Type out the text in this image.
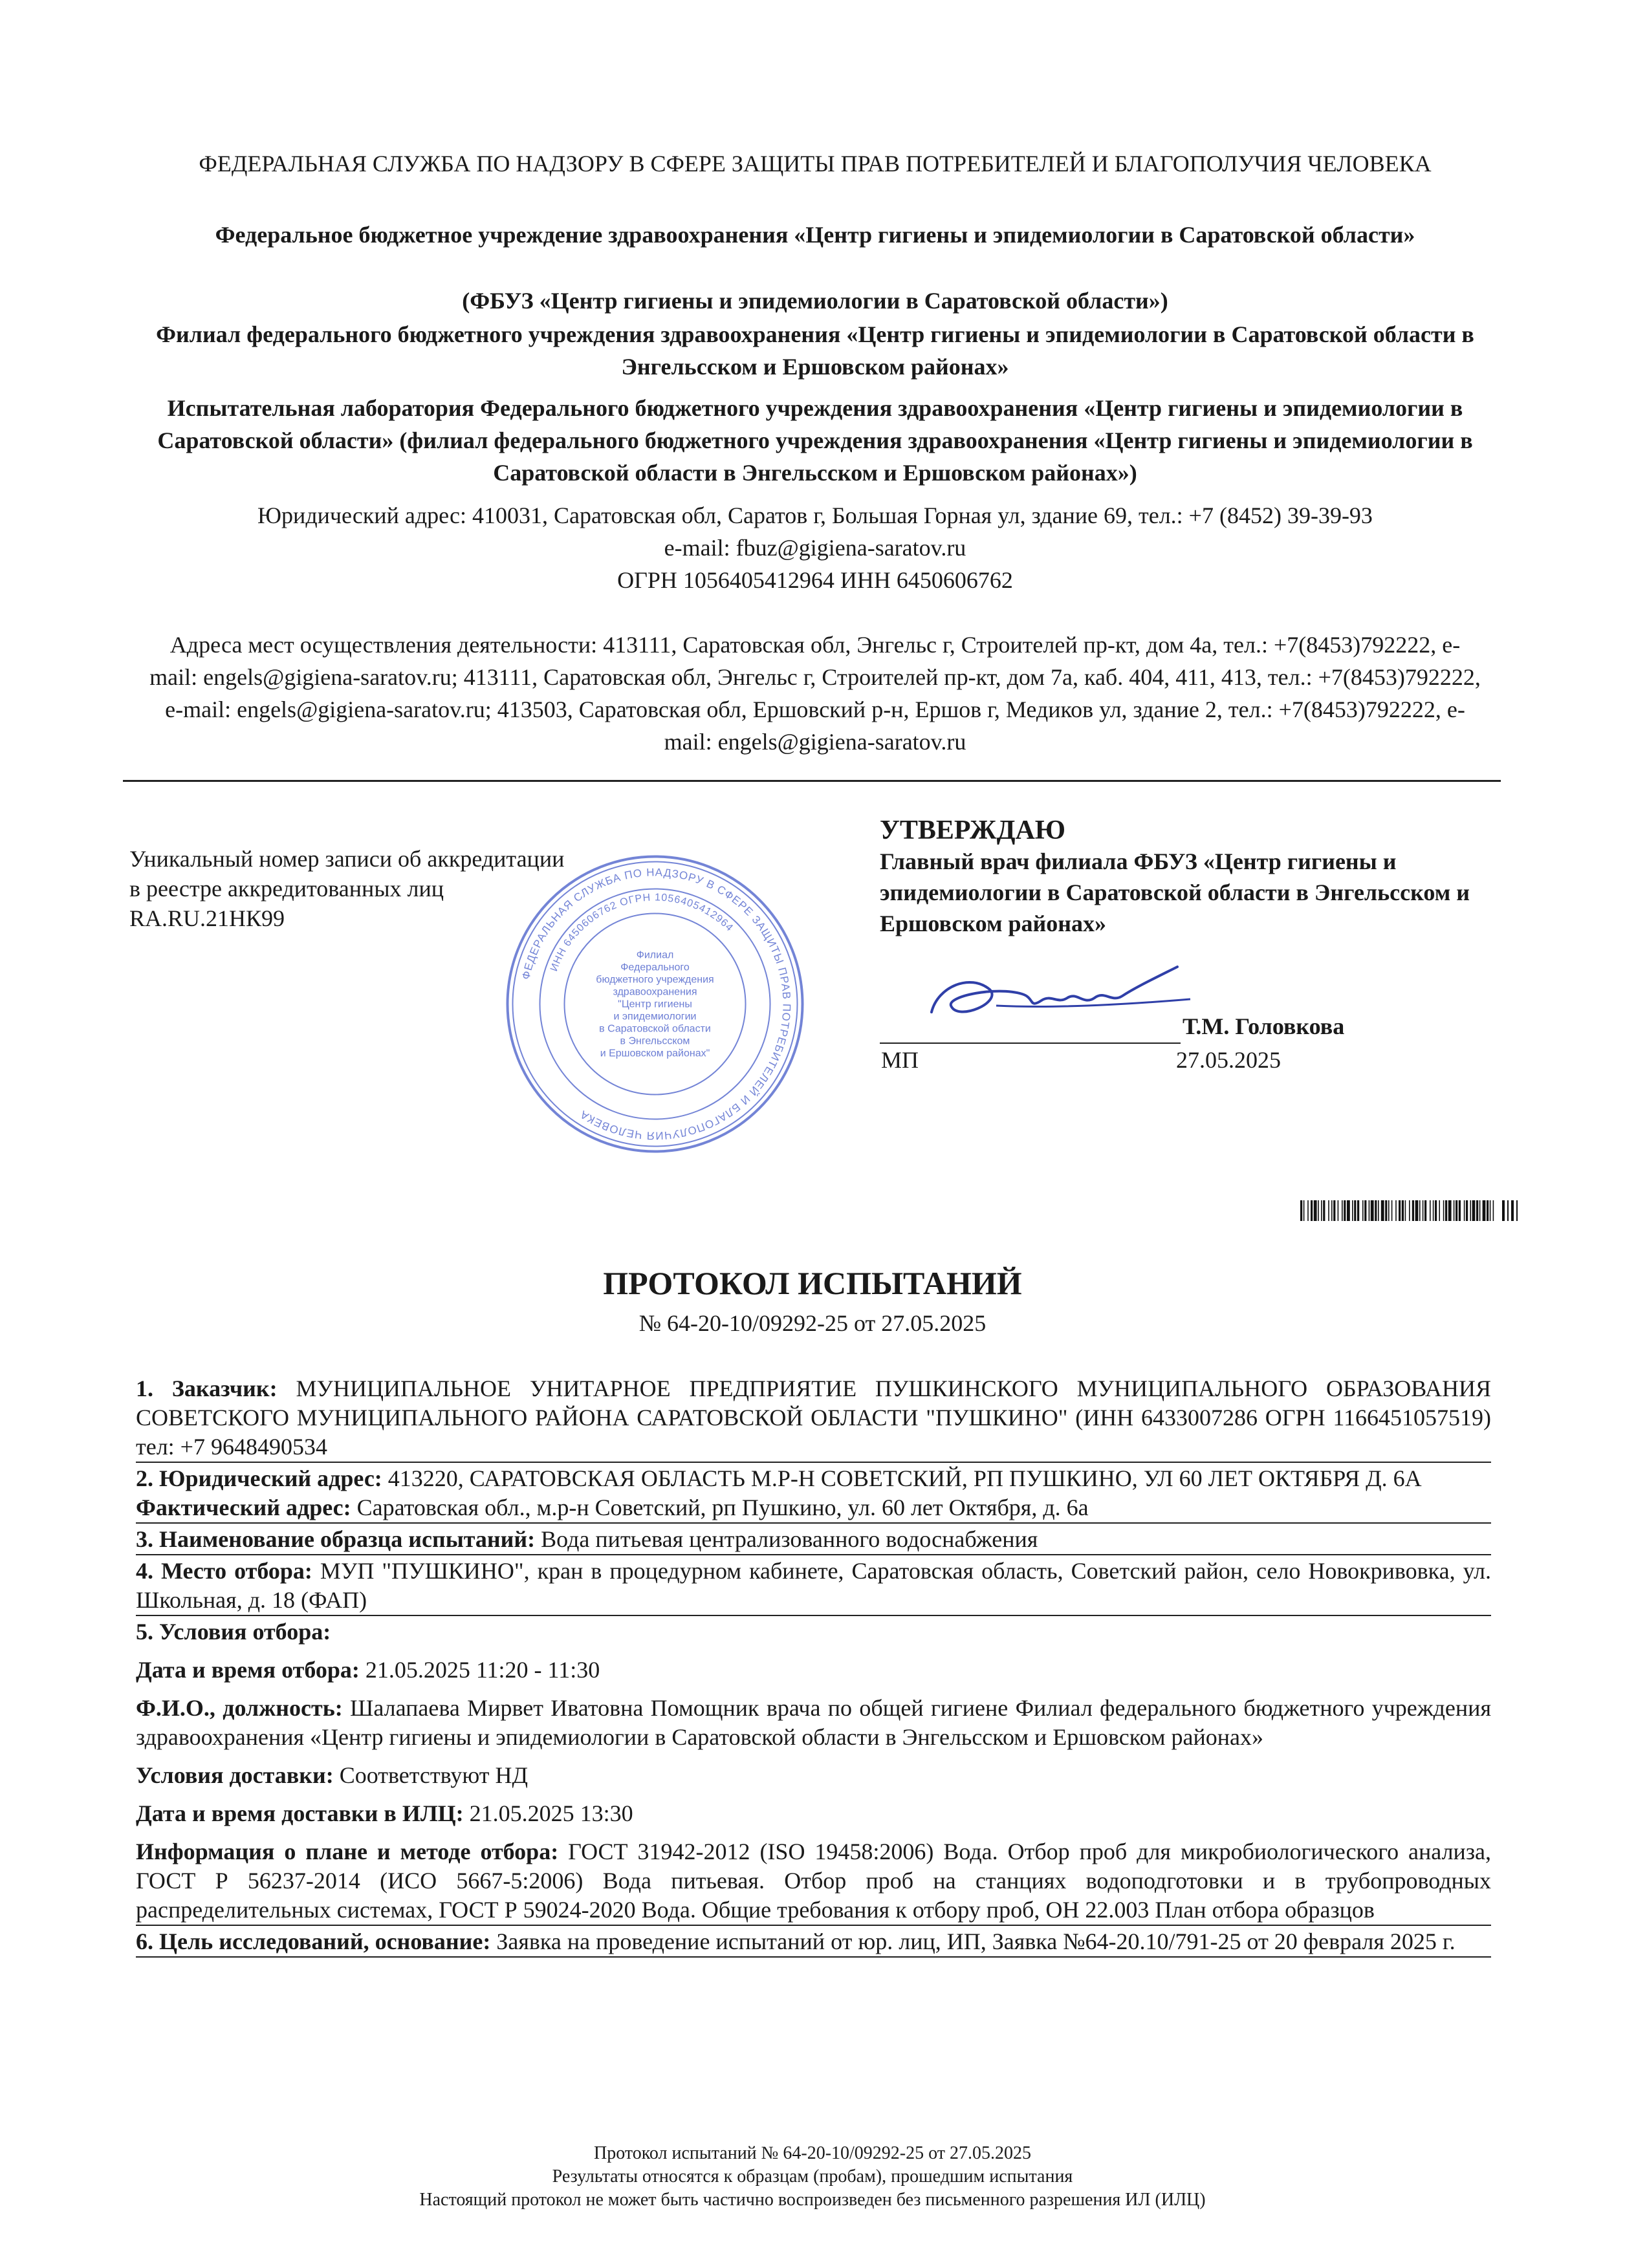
ФЕДЕРАЛЬНАЯ СЛУЖБА ПО НАДЗОРУ В СФЕРЕ ЗАЩИТЫ ПРАВ ПОТРЕБИТЕЛЕЙ И БЛАГОПОЛУЧИЯ ЧЕЛОВЕКА
Федеральное бюджетное учреждение здравоохранения «Центр гигиены и эпидемиологии в Саратовской области»
(ФБУЗ «Центр гигиены и эпидемиологии в Саратовской области»)
Филиал федерального бюджетного учреждения здравоохранения «Центр гигиены и эпидемиологии в Саратовской области в Энгельсском и Ершовском районах»
Испытательная лаборатория Федерального бюджетного учреждения здравоохранения «Центр гигиены и эпидемиологии в Саратовской области» (филиал федерального бюджетного учреждения здравоохранения «Центр гигиены и эпидемиологии в Саратовской области в Энгельсском и Ершовском районах»)
Юридический адрес: 410031, Саратовская обл, Саратов г, Большая Горная ул, здание 69, тел.: +7 (8452) 39-39-93
e-mail: fbuz@gigiena-saratov.ru
ОГРН 1056405412964 ИНН 6450606762
Адреса мест осуществления деятельности: 413111, Саратовская обл, Энгельс г, Строителей пр-кт, дом 4а, тел.: +7(8453)792222, e-mail: engels@gigiena-saratov.ru; 413111, Саратовская обл, Энгельс г, Строителей пр-кт, дом 7а, каб. 404, 411, 413, тел.: +7(8453)792222, e-mail: engels@gigiena-saratov.ru; 413503, Саратовская обл, Ершовский р-н, Ершов г, Медиков ул, здание 2, тел.: +7(8453)792222, e-mail: engels@gigiena-saratov.ru
Уникальный номер записи об аккредитации
в реестре аккредитованных лиц
RA.RU.21НК99
ФЕДЕРАЛЬНАЯ СЛУЖБА ПО НАДЗОРУ В СФЕРЕ ЗАЩИТЫ ПРАВ ПОТРЕБИТЕЛЕЙ И БЛАГОПОЛУЧИЯ ЧЕЛОВЕКА
ИНН 6450606762 ОГРН 1056405412964
Филиал
Федерального
бюджетного учреждения
здравоохранения
"Центр гигиены
и эпидемиологии
в Саратовской области
в Энгельсском
и Ершовском районах"
УТВЕРЖДАЮ
Главный врач филиала ФБУЗ «Центр гигиены и эпидемиологии в Саратовской области в Энгельсском и Ершовском районах»
Т.М. Головкова
МП	27.05.2025
ПРОТОКОЛ ИСПЫТАНИЙ
№ 64-20-10/09292-25 от 27.05.2025
1. Заказчик: МУНИЦИПАЛЬНОЕ УНИТАРНОЕ ПРЕДПРИЯТИЕ ПУШКИНСКОГО МУНИЦИПАЛЬНОГО ОБРАЗОВАНИЯ СОВЕТСКОГО МУНИЦИПАЛЬНОГО РАЙОНА САРАТОВСКОЙ ОБЛАСТИ "ПУШКИНО" (ИНН 6433007286 ОГРН 1166451057519) тел: +7 9648490534
2. Юридический адрес: 413220, САРАТОВСКАЯ ОБЛАСТЬ М.Р-Н СОВЕТСКИЙ, РП ПУШКИНО, УЛ 60 ЛЕТ ОКТЯБРЯ Д. 6А
Фактический адрес: Саратовская обл., м.р-н Советский, рп Пушкино, ул. 60 лет Октября, д. 6а
3. Наименование образца испытаний: Вода питьевая централизованного водоснабжения
4. Место отбора: МУП "ПУШКИНО", кран в процедурном кабинете, Саратовская область, Советский район, село Новокривовка, ул. Школьная, д. 18 (ФАП)
5. Условия отбора:
Дата и время отбора: 21.05.2025 11:20 - 11:30
Ф.И.О., должность: Шалапаева Мирвет Иватовна Помощник врача по общей гигиене Филиал федерального бюджетного учреждения здравоохранения «Центр гигиены и эпидемиологии в Саратовской области в Энгельсском и Ершовском районах»
Условия доставки: Соответствуют НД
Дата и время доставки в ИЛЦ: 21.05.2025 13:30
Информация о плане и методе отбора: ГОСТ 31942-2012 (ISO 19458:2006) Вода. Отбор проб для микробиологического анализа, ГОСТ Р 56237-2014 (ИСО 5667-5:2006) Вода питьевая. Отбор проб на станциях водоподготовки и в трубопроводных распределительных системах, ГОСТ Р 59024-2020 Вода. Общие требования к отбору проб, ОН 22.003 План отбора образцов
6. Цель исследований, основание: Заявка на проведение испытаний от юр. лиц, ИП, Заявка №64-20.10/791-25 от 20 февраля 2025 г.
Протокол испытаний № 64-20-10/09292-25 от 27.05.2025
Результаты относятся к образцам (пробам), прошедшим испытания
Настоящий протокол не может быть частично воспроизведен без письменного разрешения ИЛ (ИЛЦ)
